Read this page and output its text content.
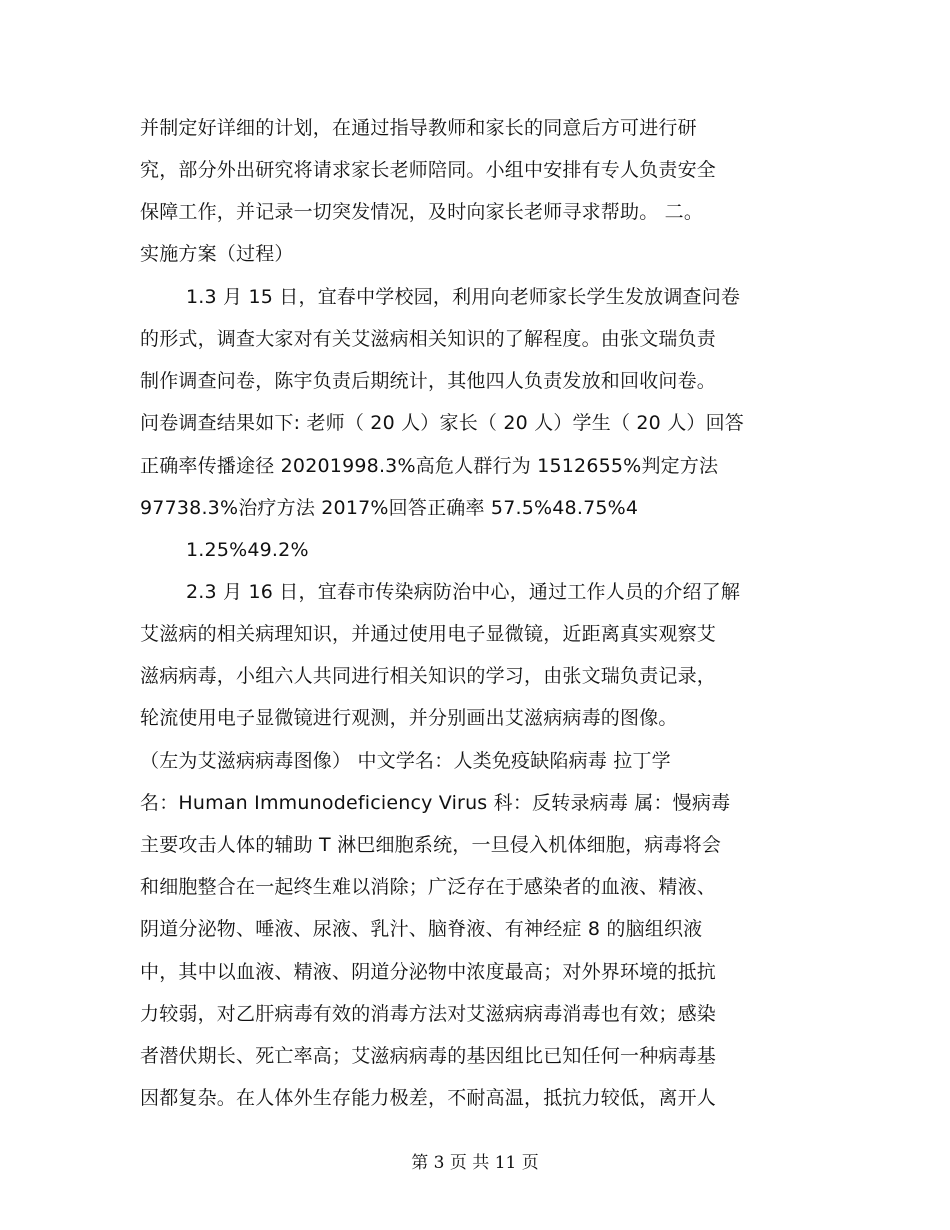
并制定好详细的计划，在通过指导教师和家长的同意后方可进行研
究，部分外出研究将请求家长老师陪同。小组中安排有专人负责安全
保障工作，并记录一切突发情况，及时向家长老师寻求帮助。 二。
实施方案（过程）
1.3 月 15 日，宜春中学校园，利用向老师家长学生发放调查问卷
的形式，调查大家对有关艾滋病相关知识的了解程度。由张文瑞负责
制作调查问卷，陈宇负责后期统计，其他四人负责发放和回收问卷。
问卷调查结果如下: 老师（ 20 人）家长（ 20 人）学生（ 20 人）回答
正确率传播途径 20201998.3%高危人群行为 1512655%判定方法
97738.3%治疗方法 2017%回答正确率 57.5%48.75%4
1.25%49.2%
2.3 月 16 日，宜春市传染病防治中心，通过工作人员的介绍了解
艾滋病的相关病理知识，并通过使用电子显微镜，近距离真实观察艾
滋病病毒，小组六人共同进行相关知识的学习，由张文瑞负责记录，
轮流使用电子显微镜进行观测，并分别画出艾滋病病毒的图像。
（左为艾滋病病毒图像） 中文学名：人类免疫缺陷病毒 拉丁学
名：Human Immunodeficiency Virus 科：反转录病毒 属：慢病毒
主要攻击人体的辅助 T 淋巴细胞系统，一旦侵入机体细胞，病毒将会
和细胞整合在一起终生难以消除；广泛存在于感染者的血液、精液、
阴道分泌物、唾液、尿液、乳汁、脑脊液、有神经症 8 的脑组织液
中，其中以血液、精液、阴道分泌物中浓度最高；对外界环境的抵抗
力较弱，对乙肝病毒有效的消毒方法对艾滋病病毒消毒也有效；感染
者潜伏期长、死亡率高；艾滋病病毒的基因组比已知任何一种病毒基
因都复杂。在人体外生存能力极差，不耐高温，抵抗力较低，离开人
第 3 页 共 11 页
